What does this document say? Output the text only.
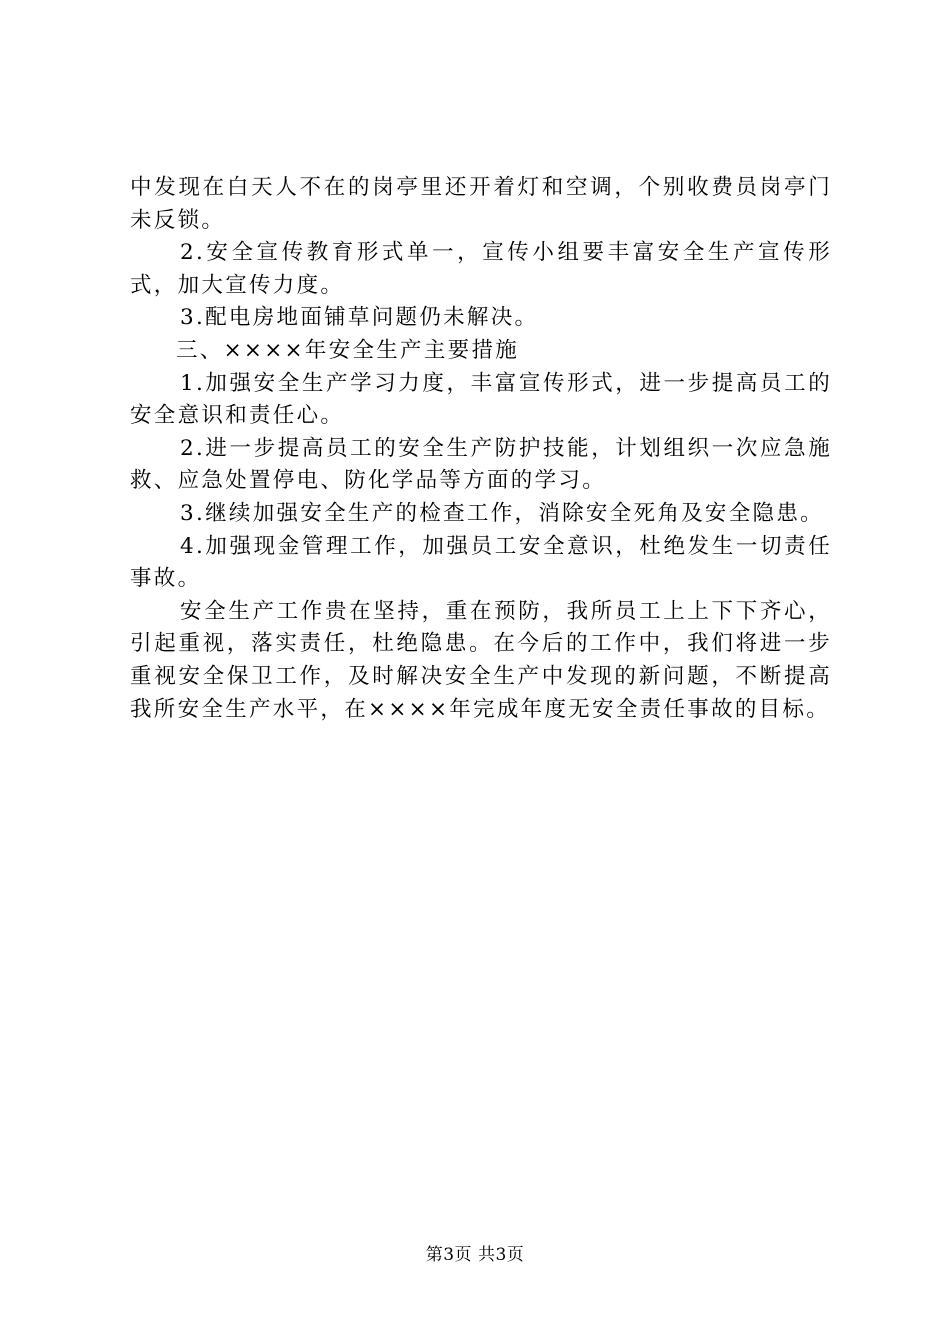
中发现在白天人不在的岗亭里还开着灯和空调，个别收费员岗亭门未反锁。

2.安全宣传教育形式单一，宣传小组要丰富安全生产宣传形式，加大宣传力度。

3.配电房地面铺草问题仍未解决。

三、××××年安全生产主要措施

1.加强安全生产学习力度，丰富宣传形式，进一步提高员工的安全意识和责任心。

2.进一步提高员工的安全生产防护技能，计划组织一次应急施救、应急处置停电、防化学品等方面的学习。

3.继续加强安全生产的检查工作，消除安全死角及安全隐患。

4.加强现金管理工作，加强员工安全意识，杜绝发生一切责任事故。

安全生产工作贵在坚持，重在预防，我所员工上上下下齐心，引起重视，落实责任，杜绝隐患。在今后的工作中，我们将进一步重视安全保卫工作，及时解决安全生产中发现的新问题，不断提高我所安全生产水平，在××××年完成年度无安全责任事故的目标。

第3页 共3页
